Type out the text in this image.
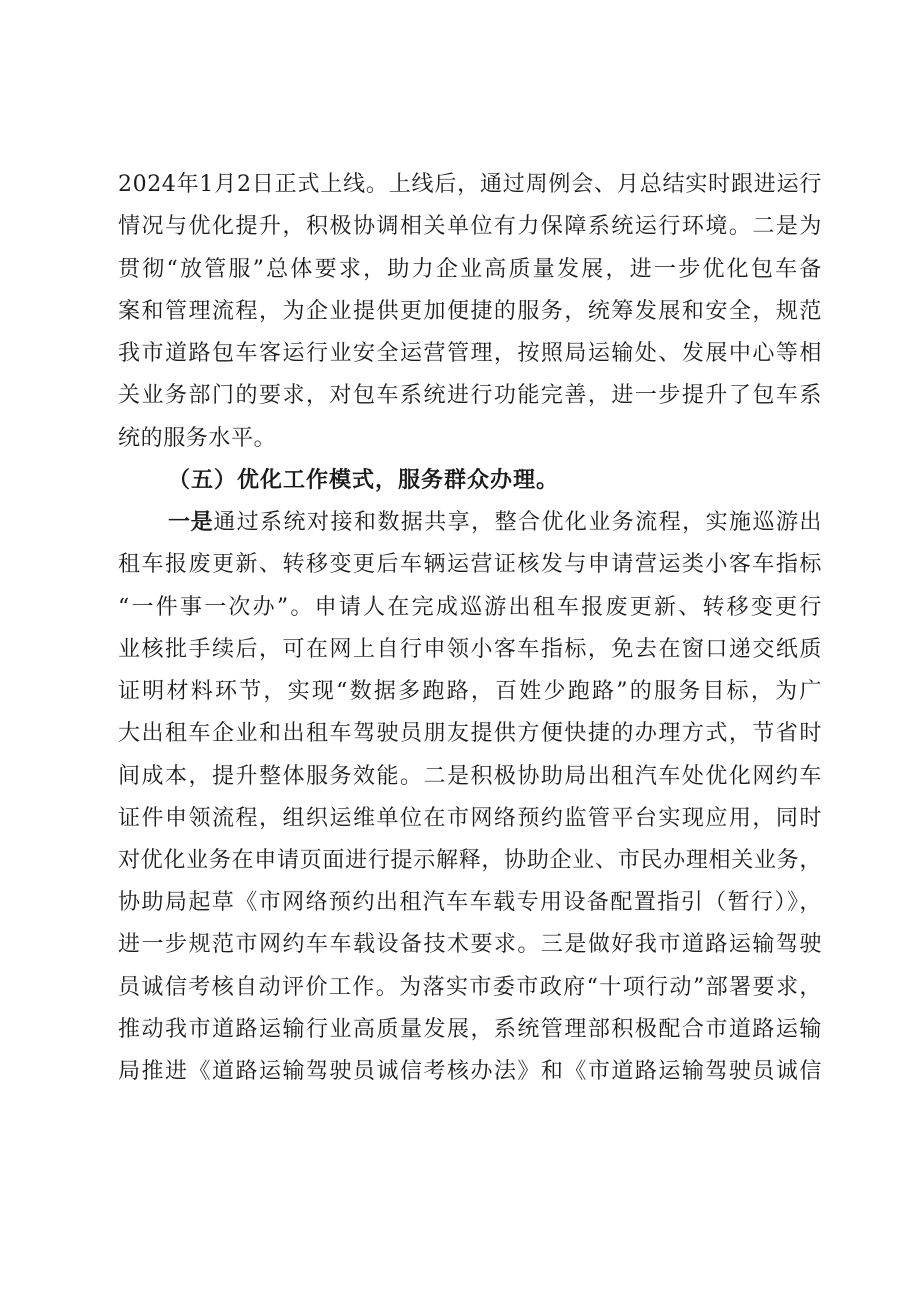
2024年1月2日正式上线。上线后，通过周例会、月总结实时跟进运行
情况与优化提升，积极协调相关单位有力保障系统运行环境。二是为
贯彻“放管服”总体要求，助力企业高质量发展，进一步优化包车备
案和管理流程，为企业提供更加便捷的服务，统筹发展和安全，规范
我市道路包车客运行业安全运营管理，按照局运输处、发展中心等相
关业务部门的要求，对包车系统进行功能完善，进一步提升了包车系
统的服务水平。
（五）优化工作模式，服务群众办理。
一是 通过系统对接和数据共享，整合优化业务流程，实施巡游出
租车报废更新、转移变更后车辆运营证核发与申请营运类小客车指标
“一件事一次办”。申请人在完成巡游出租车报废更新、转移变更行
业核批手续后，可在网上自行申领小客车指标，免去在窗口递交纸质
证明材料环节，实现“数据多跑路，百姓少跑路”的服务目标，为广
大出租车企业和出租车驾驶员朋友提供方便快捷的办理方式，节省时
间成本，提升整体服务效能。二是积极协助局出租汽车处优化网约车
证件申领流程，组织运维单位在市网络预约监管平台实现应用，同时
对优化业务在申请页面进行提示解释，协助企业、市民办理相关业务，
协助局起草《市网络预约出租汽车车载专用设备配置指引（暂行）》，
进一步规范市网约车车载设备技术要求。三是做好我市道路运输驾驶
员诚信考核自动评价工作。为落实市委市政府“十项行动”部署要求，
推动我市道路运输行业高质量发展，系统管理部积极配合市道路运输
局推进《道路运输驾驶员诚信考核办法》和《市道路运输驾驶员诚信
